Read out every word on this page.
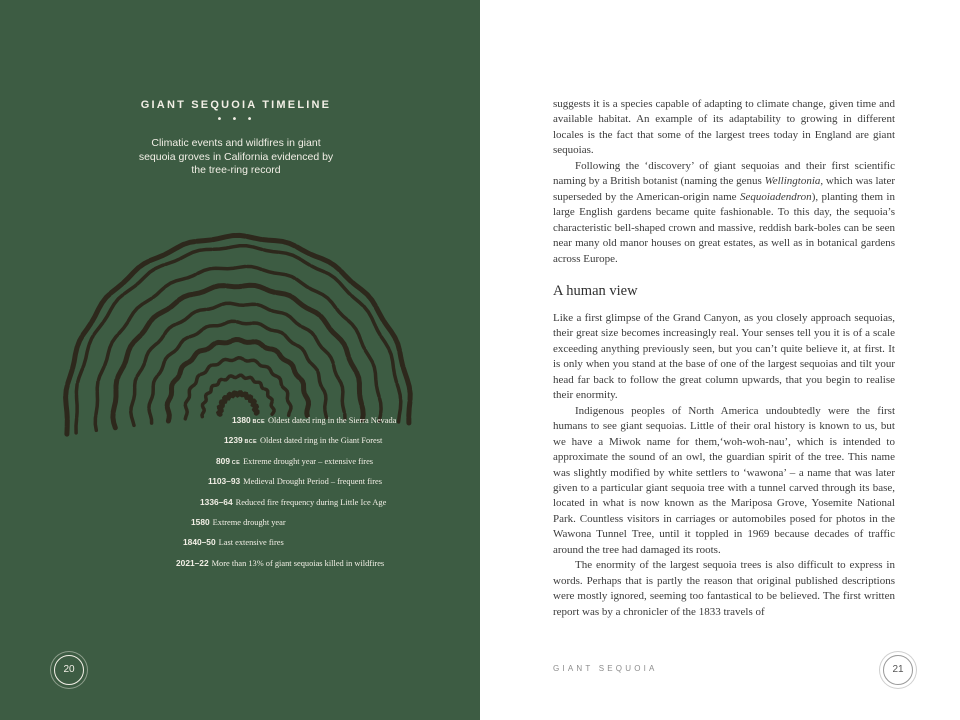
GIANT SEQUOIA TIMELINE
• • •
Climatic events and wildfires in giant sequoia groves in California evidenced by the tree-ring record
1380 BCE Oldest dated ring in the Sierra Nevada
1239 BCE Oldest dated ring in the Giant Forest
809 CE Extreme drought year – extensive fires
1103–93 Medieval Drought Period – frequent fires
1336–64 Reduced fire frequency during Little Ice Age
1580 Extreme drought year
1840–50 Last extensive fires
2021–22 More than 13% of giant sequoias killed in wildfires
20

suggests it is a species capable of adapting to climate change, given time and available habitat. An example of its adaptability to growing in different locales is the fact that some of the largest trees today in England are giant sequoias.

Following the ‘discovery’ of giant sequoias and their first scientific naming by a British botanist (naming the genus Wellingtonia, which was later superseded by the American-origin name Sequoiadendron), planting them in large English gardens became quite fashionable. To this day, the sequoia’s characteristic bell-shaped crown and massive, reddish bark-boles can be seen near many old manor houses on great estates, as well as in botanical gardens across Europe.

A human view

Like a first glimpse of the Grand Canyon, as you closely approach sequoias, their great size becomes increasingly real. Your senses tell you it is of a scale exceeding anything previously seen, but you can’t quite believe it, at first. It is only when you stand at the base of one of the largest sequoias and tilt your head far back to follow the great column upwards, that you begin to realise their enormity.

Indigenous peoples of North America undoubtedly were the first humans to see giant sequoias. Little of their oral history is known to us, but we have a Miwok name for them,‘woh-woh-nau’, which is intended to approximate the sound of an owl, the guardian spirit of the tree. This name was slightly modified by white settlers to ‘wawona’ – a name that was later given to a particular giant sequoia tree with a tunnel carved through its base, located in what is now known as the Mariposa Grove, Yosemite National Park. Countless visitors in carriages or automobiles posed for photos in the Wawona Tunnel Tree, until it toppled in 1969 because decades of traffic around the tree had damaged its roots.

The enormity of the largest sequoia trees is also difficult to express in words. Perhaps that is partly the reason that original published descriptions were mostly ignored, seeming too fantastical to be believed. The first written report was by a chronicler of the 1833 travels of

GIANT SEQUOIA	21
